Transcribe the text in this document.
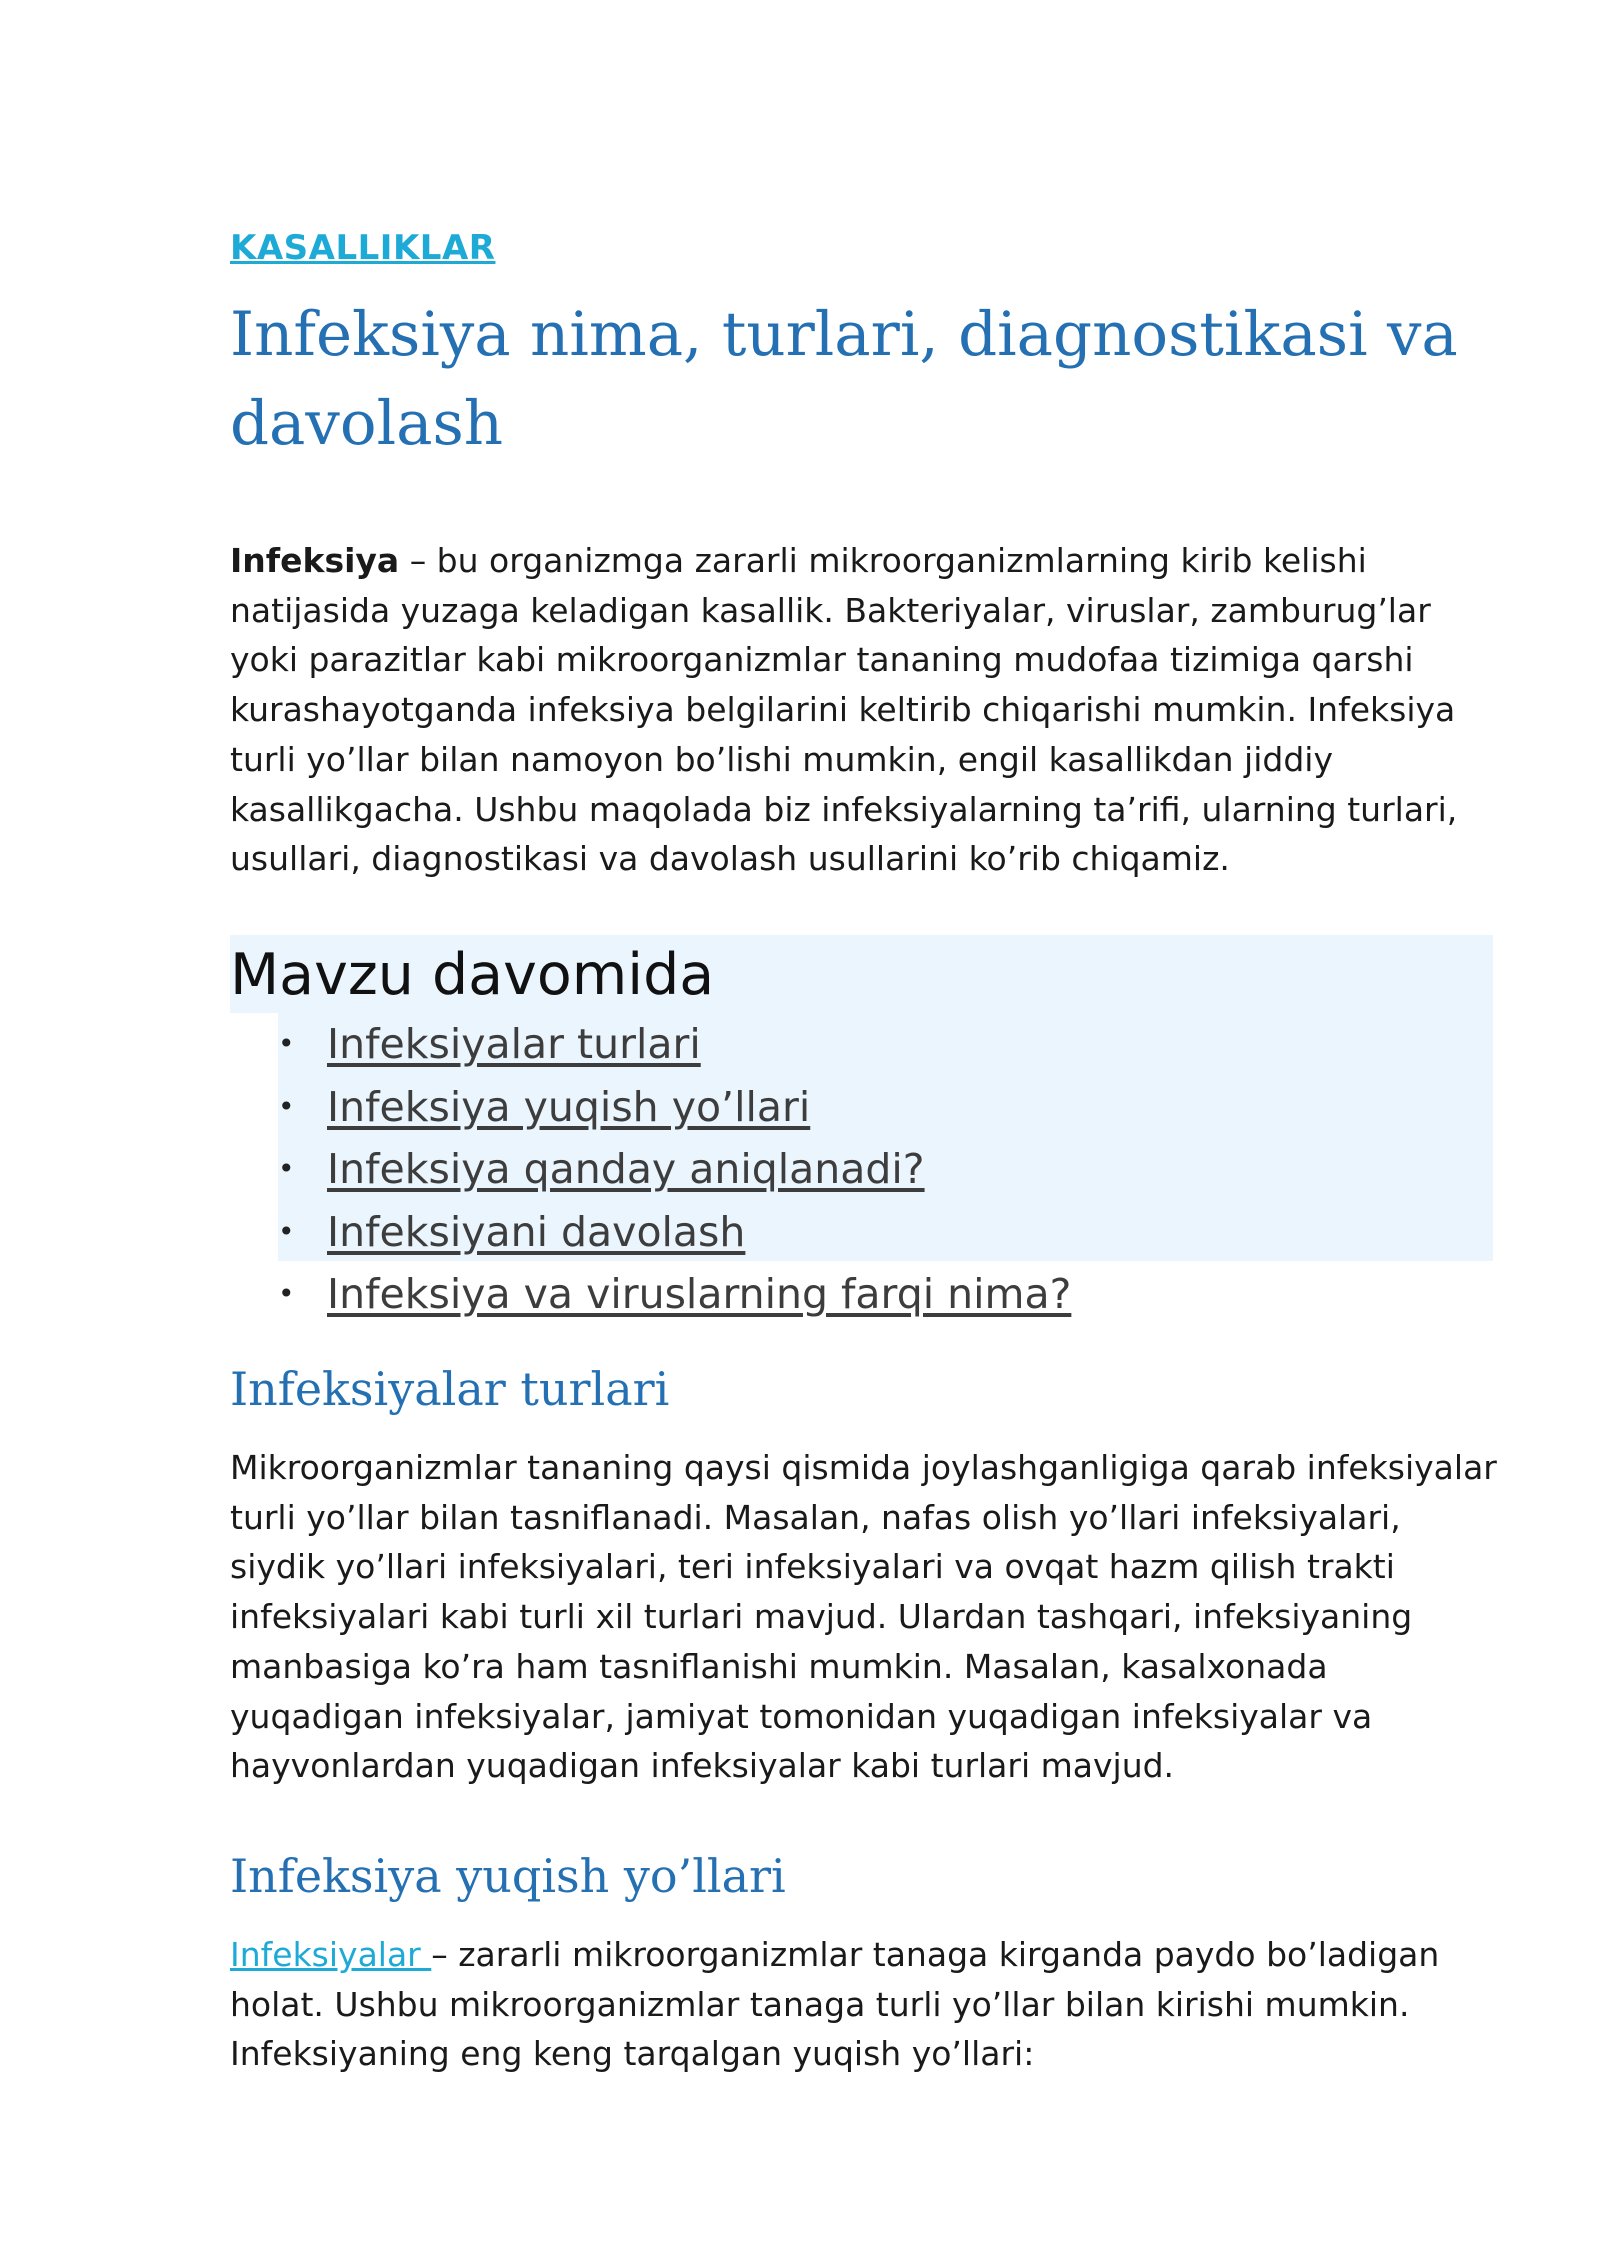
KASALLIKLAR
Infeksiya nima, turlari, diagnostikasi va davolash

Infeksiya – bu organizmga zararli mikroorganizmlarning kirib kelishi natijasida yuzaga keladigan kasallik. Bakteriyalar, viruslar, zamburug’lar yoki parazitlar kabi mikroorganizmlar tananing mudofaa tizimiga qarshi kurashayotganda infeksiya belgilarini keltirib chiqarishi mumkin. Infeksiya turli yo’llar bilan namoyon bo’lishi mumkin, engil kasallikdan jiddiy kasallikgacha. Ushbu maqolada biz infeksiyalarning ta’rifi, ularning turlari, usullari, diagnostikasi va davolash usullarini ko’rib chiqamiz.

Mavzu davomida
• Infeksiyalar turlari
• Infeksiya yuqish yo’llari
• Infeksiya qanday aniqlanadi?
• Infeksiyani davolash
• Infeksiya va viruslarning farqi nima?
Infeksiyalar turlari

Mikroorganizmlar tananing qaysi qismida joylashganligiga qarab infeksiyalar turli yo’llar bilan tasniflanadi. Masalan, nafas olish yo’llari infeksiyalari, siydik yo’llari infeksiyalari, teri infeksiyalari va ovqat hazm qilish trakti infeksiyalari kabi turli xil turlari mavjud. Ulardan tashqari, infeksiyaning manbasiga ko’ra ham tasniflanishi mumkin. Masalan, kasalxonada yuqadigan infeksiyalar, jamiyat tomonidan yuqadigan infeksiyalar va hayvonlardan yuqadigan infeksiyalar kabi turlari mavjud.

Infeksiya yuqish yo’llari

Infeksiyalar – zararli mikroorganizmlar tanaga kirganda paydo bo’ladigan holat. Ushbu mikroorganizmlar tanaga turli yo’llar bilan kirishi mumkin. Infeksiyaning eng keng tarqalgan yuqish yo’llari:
